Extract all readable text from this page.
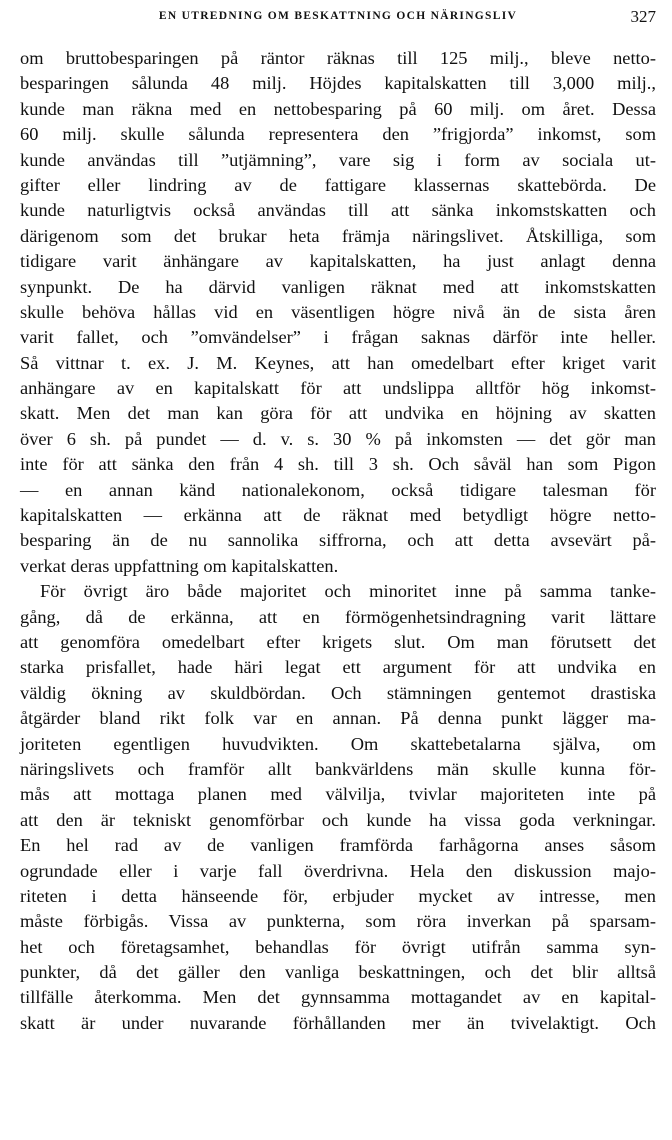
EN UTREDNING OM BESKATTNING OCH NÄRINGSLIV	327
om bruttobesparingen på räntor räknas till 125 milj., bleve netto-
besparingen sålunda 48 milj. Höjdes kapitalskatten till 3,000 milj.,
kunde man räkna med en nettobesparing på 60 milj. om året. Dessa
60 milj. skulle sålunda representera den ”frigjorda” inkomst, som
kunde användas till ”utjämning”, vare sig i form av sociala ut-
gifter eller lindring av de fattigare klassernas skattebörda. De
kunde naturligtvis också användas till att sänka inkomstskatten och
därigenom som det brukar heta främja näringslivet. Åtskilliga, som
tidigare varit änhängare av kapitalskatten, ha just anlagt denna
synpunkt. De ha därvid vanligen räknat med att inkomstskatten
skulle behöva hållas vid en väsentligen högre nivå än de sista åren
varit fallet, och ”omvändelser” i frågan saknas därför inte heller.
Så vittnar t. ex. J. M. Keynes, att han omedelbart efter kriget varit
anhängare av en kapitalskatt för att undslippa alltför hög inkomst-
skatt. Men det man kan göra för att undvika en höjning av skatten
över 6 sh. på pundet — d. v. s. 30 % på inkomsten — det gör man
inte för att sänka den från 4 sh. till 3 sh. Och såväl han som Pigon
— en annan känd nationalekonom, också tidigare talesman för
kapitalskatten — erkänna att de räknat med betydligt högre netto-
besparing än de nu sannolika siffrorna, och att detta avsevärt på-
verkat deras uppfattning om kapitalskatten.
För övrigt äro både majoritet och minoritet inne på samma tanke-
gång, då de erkänna, att en förmögenhetsindragning varit lättare
att genomföra omedelbart efter krigets slut. Om man förutsett det
starka prisfallet, hade häri legat ett argument för att undvika en
väldig ökning av skuldbördan. Och stämningen gentemot drastiska
åtgärder bland rikt folk var en annan. På denna punkt lägger ma-
joriteten egentligen huvudvikten. Om skattebetalarna själva, om
näringslivets och framför allt bankvärldens män skulle kunna för-
mås att mottaga planen med välvilja, tvivlar majoriteten inte på
att den är tekniskt genomförbar och kunde ha vissa goda verkningar.
En hel rad av de vanligen framförda farhågorna anses såsom
ogrundade eller i varje fall överdrivna. Hela den diskussion majo-
riteten i detta hänseende för, erbjuder mycket av intresse, men
måste förbigås. Vissa av punkterna, som röra inverkan på sparsam-
het och företagsamhet, behandlas för övrigt utifrån samma syn-
punkter, då det gäller den vanliga beskattningen, och det blir alltså
tillfälle återkomma. Men det gynnsamma mottagandet av en kapital-
skatt är under nuvarande förhållanden mer än tvivelaktigt. Och
